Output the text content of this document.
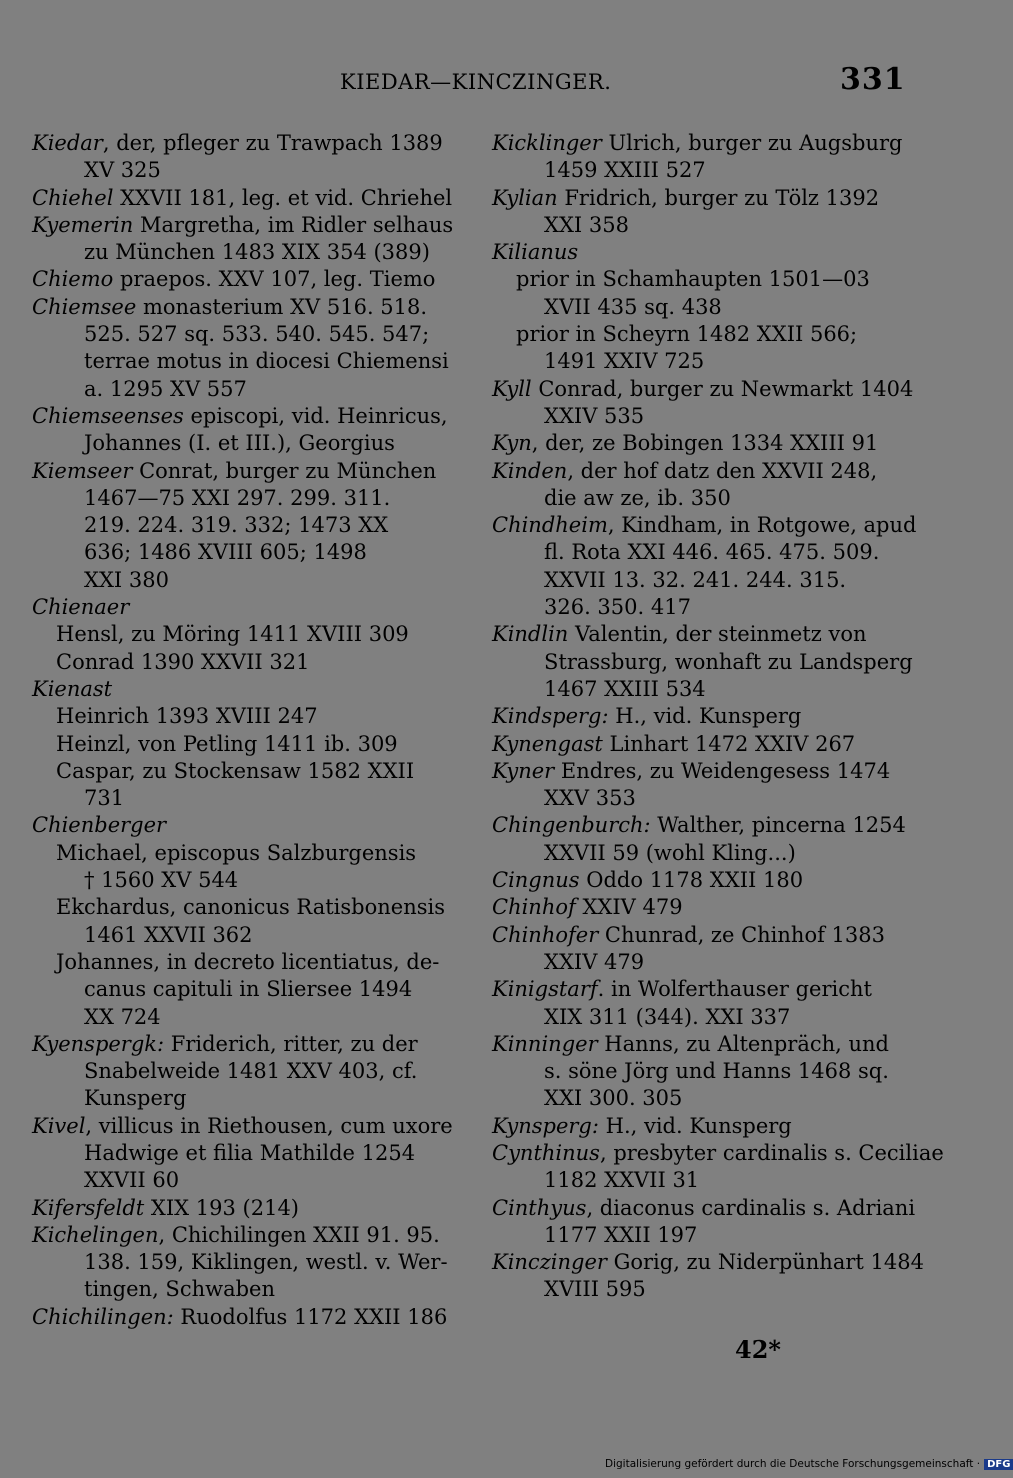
KIEDAR—KINCZINGER.	331
Kiedar, der, pfleger zu Trawpach 1389
XV 325
Chiehel XXVII 181, leg. et vid. Chriehel
Kyemerin Margretha, im Ridler selhaus
zu München 1483 XIX 354 (389)
Chiemo praepos. XXV 107, leg. Tiemo
Chiemsee monasterium XV 516. 518.
525. 527 sq. 533. 540. 545. 547;
terrae motus in diocesi Chiemensi
a. 1295 XV 557
Chiemseenses episcopi, vid. Heinricus,
Johannes (I. et III.), Georgius
Kiemseer Conrat, burger zu München
1467—75 XXI 297. 299. 311.
219. 224. 319. 332; 1473 XX
636; 1486 XVIII 605; 1498
XXI 380
Chienaer
Hensl, zu Möring 1411 XVIII 309
Conrad 1390 XXVII 321
Kienast
Heinrich 1393 XVIII 247
Heinzl, von Petling 1411 ib. 309
Caspar, zu Stockensaw 1582 XXII
731
Chienberger
Michael, episcopus Salzburgensis
† 1560 XV 544
Ekchardus, canonicus Ratisbonensis
1461 XXVII 362
Johannes, in decreto licentiatus, de-
canus capituli in Sliersee 1494
XX 724
Kyenspergk: Friderich, ritter, zu der
Snabelweide 1481 XXV 403, cf.
Kunsperg
Kivel, villicus in Riethousen, cum uxore
Hadwige et filia Mathilde 1254
XXVII 60
Kifersfeldt XIX 193 (214)
Kichelingen, Chichilingen XXII 91. 95.
138. 159, Kiklingen, westl. v. Wer-
tingen, Schwaben
Chichilingen: Ruodolfus 1172 XXII 186
Kicklinger Ulrich, burger zu Augsburg
1459 XXIII 527
Kylian Fridrich, burger zu Tölz 1392
XXI 358
Kilianus
prior in Schamhaupten 1501—03
XVII 435 sq. 438
prior in Scheyrn 1482 XXII 566;
1491 XXIV 725
Kyll Conrad, burger zu Newmarkt 1404
XXIV 535
Kyn, der, ze Bobingen 1334 XXIII 91
Kinden, der hof datz den XXVII 248,
die aw ze, ib. 350
Chindheim, Kindham, in Rotgowe, apud
fl. Rota XXI 446. 465. 475. 509.
XXVII 13. 32. 241. 244. 315.
326. 350. 417
Kindlin Valentin, der steinmetz von
Strassburg, wonhaft zu Landsperg
1467 XXIII 534
Kindsperg: H., vid. Kunsperg
Kynengast Linhart 1472 XXIV 267
Kyner Endres, zu Weidengesess 1474
XXV 353
Chingenburch: Walther, pincerna 1254
XXVII 59 (wohl Kling...)
Cingnus Oddo 1178 XXII 180
Chinhof XXIV 479
Chinhofer Chunrad, ze Chinhof 1383
XXIV 479
Kinigstarf. in Wolferthauser gericht
XIX 311 (344). XXI 337
Kinninger Hanns, zu Altenpräch, und
s. söne Jörg und Hanns 1468 sq.
XXI 300. 305
Kynsperg: H., vid. Kunsperg
Cynthinus, presbyter cardinalis s. Ceciliae
1182 XXVII 31
Cinthyus, diaconus cardinalis s. Adriani
1177 XXII 197
Kinczinger Gorig, zu Niderpünhart 1484
XVIII 595
42*
Digitalisierung gefördert durch die Deutsche Forschungsgemeinschaft · DFG
